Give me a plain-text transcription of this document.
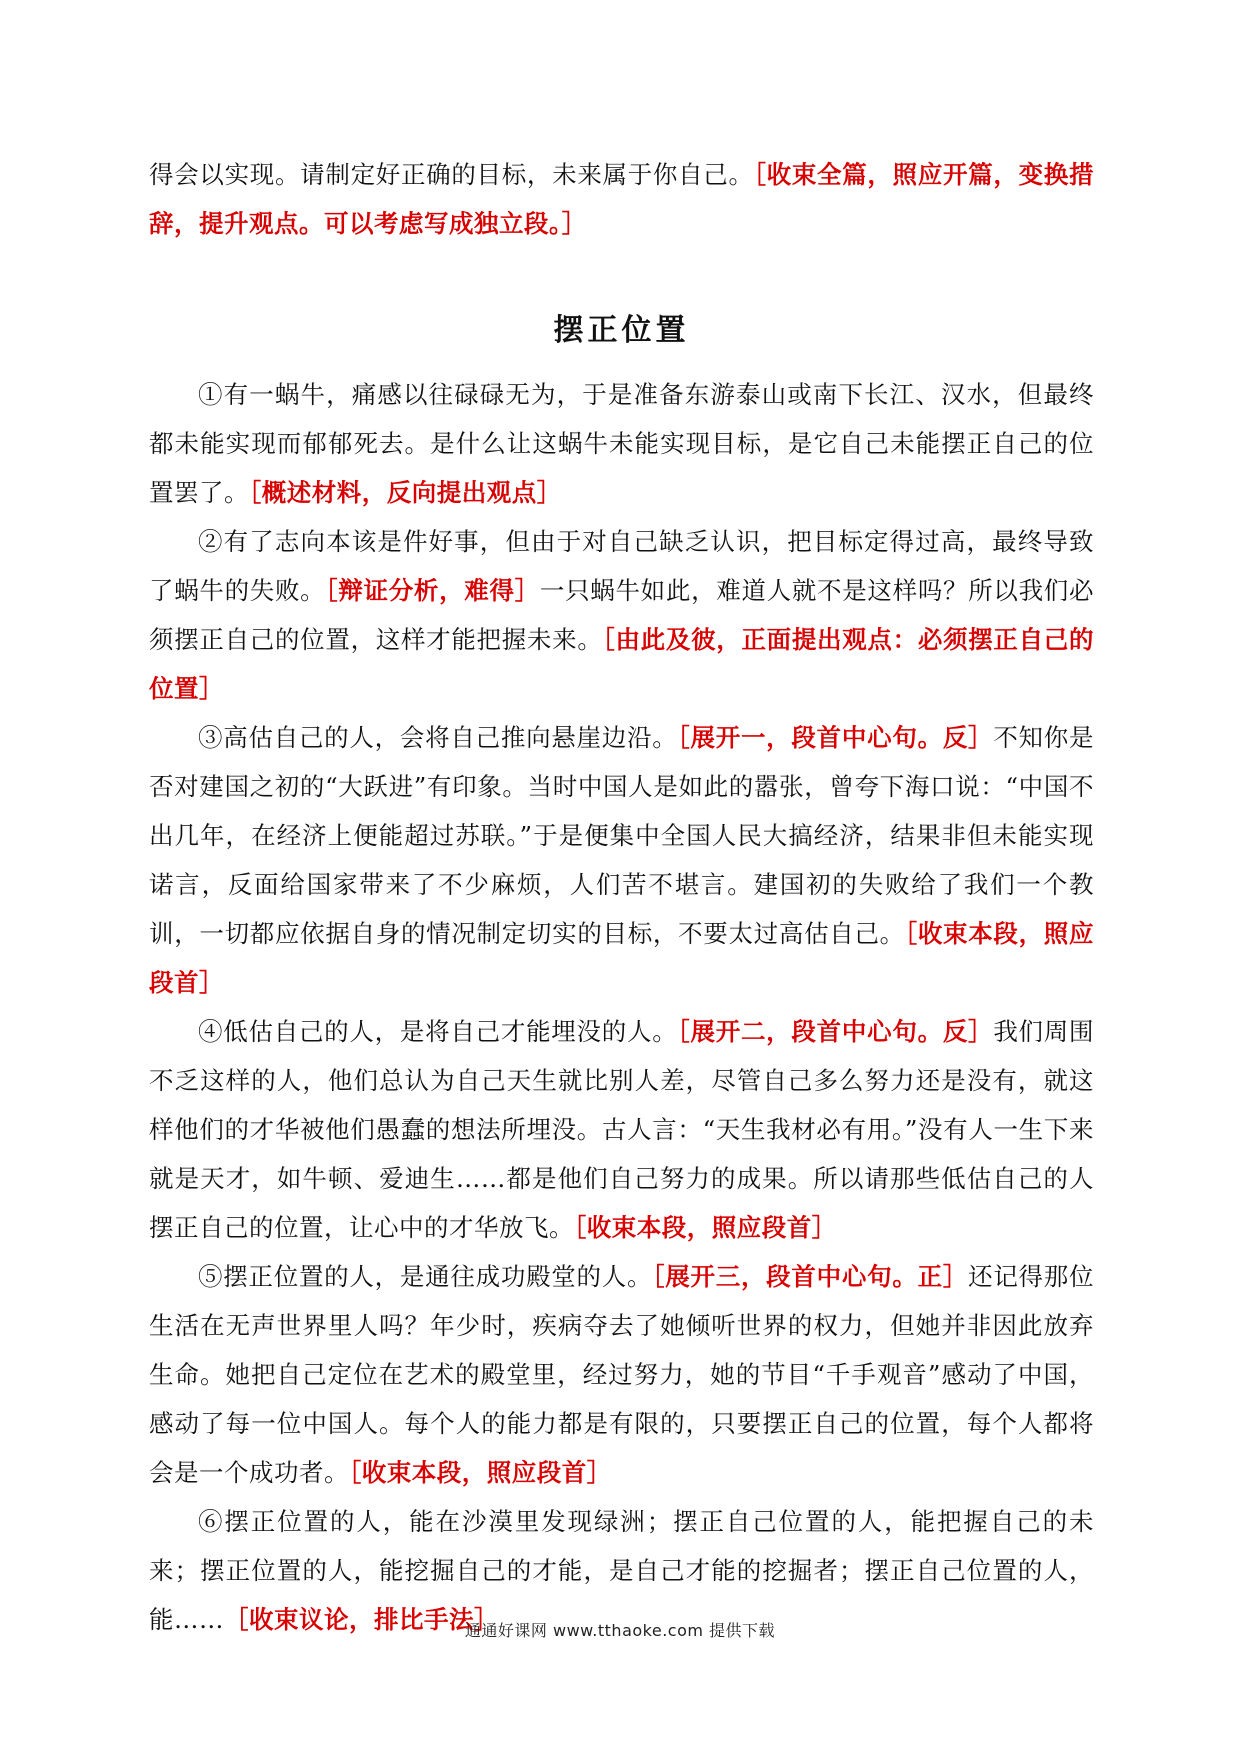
得会以实现。请制定好正确的目标，未来属于你自己。［收束全篇，照应开篇，变换措辞，提升观点。可以考虑写成独立段。］

摆正位置

①有一蜗牛，痛感以往碌碌无为，于是准备东游泰山或南下长江、汉水，但最终都未能实现而郁郁死去。是什么让这蜗牛未能实现目标，是它自己未能摆正自己的位置罢了。［概述材料，反向提出观点］

②有了志向本该是件好事，但由于对自己缺乏认识，把目标定得过高，最终导致了蜗牛的失败。［辩证分析，难得］一只蜗牛如此，难道人就不是这样吗？所以我们必须摆正自己的位置，这样才能把握未来。［由此及彼，正面提出观点：必须摆正自己的位置］

③高估自己的人，会将自己推向悬崖边沿。［展开一，段首中心句。反］不知你是否对建国之初的“大跃进”有印象。当时中国人是如此的嚣张，曾夸下海口说：“中国不出几年，在经济上便能超过苏联。”于是便集中全国人民大搞经济，结果非但未能实现诺言，反面给国家带来了不少麻烦，人们苦不堪言。建国初的失败给了我们一个教训，一切都应依据自身的情况制定切实的目标，不要太过高估自己。［收束本段，照应段首］

④低估自己的人，是将自己才能埋没的人。［展开二，段首中心句。反］我们周围不乏这样的人，他们总认为自己天生就比别人差，尽管自己多么努力还是没有，就这样他们的才华被他们愚蠢的想法所埋没。古人言：“天生我材必有用。”没有人一生下来就是天才，如牛顿、爱迪生……都是他们自己努力的成果。所以请那些低估自己的人摆正自己的位置，让心中的才华放飞。［收束本段，照应段首］

⑤摆正位置的人，是通往成功殿堂的人。［展开三，段首中心句。正］还记得那位生活在无声世界里人吗？年少时，疾病夺去了她倾听世界的权力，但她并非因此放弃生命。她把自己定位在艺术的殿堂里，经过努力，她的节目“千手观音”感动了中国，感动了每一位中国人。每个人的能力都是有限的，只要摆正自己的位置，每个人都将会是一个成功者。［收束本段，照应段首］

⑥摆正位置的人，能在沙漠里发现绿洲；摆正自己位置的人，能把握自己的未来；摆正位置的人，能挖掘自己的才能，是自己才能的挖掘者；摆正自己位置的人，能……［收束议论，排比手法］

通通好课网 www.tthaoke.com 提供下载
